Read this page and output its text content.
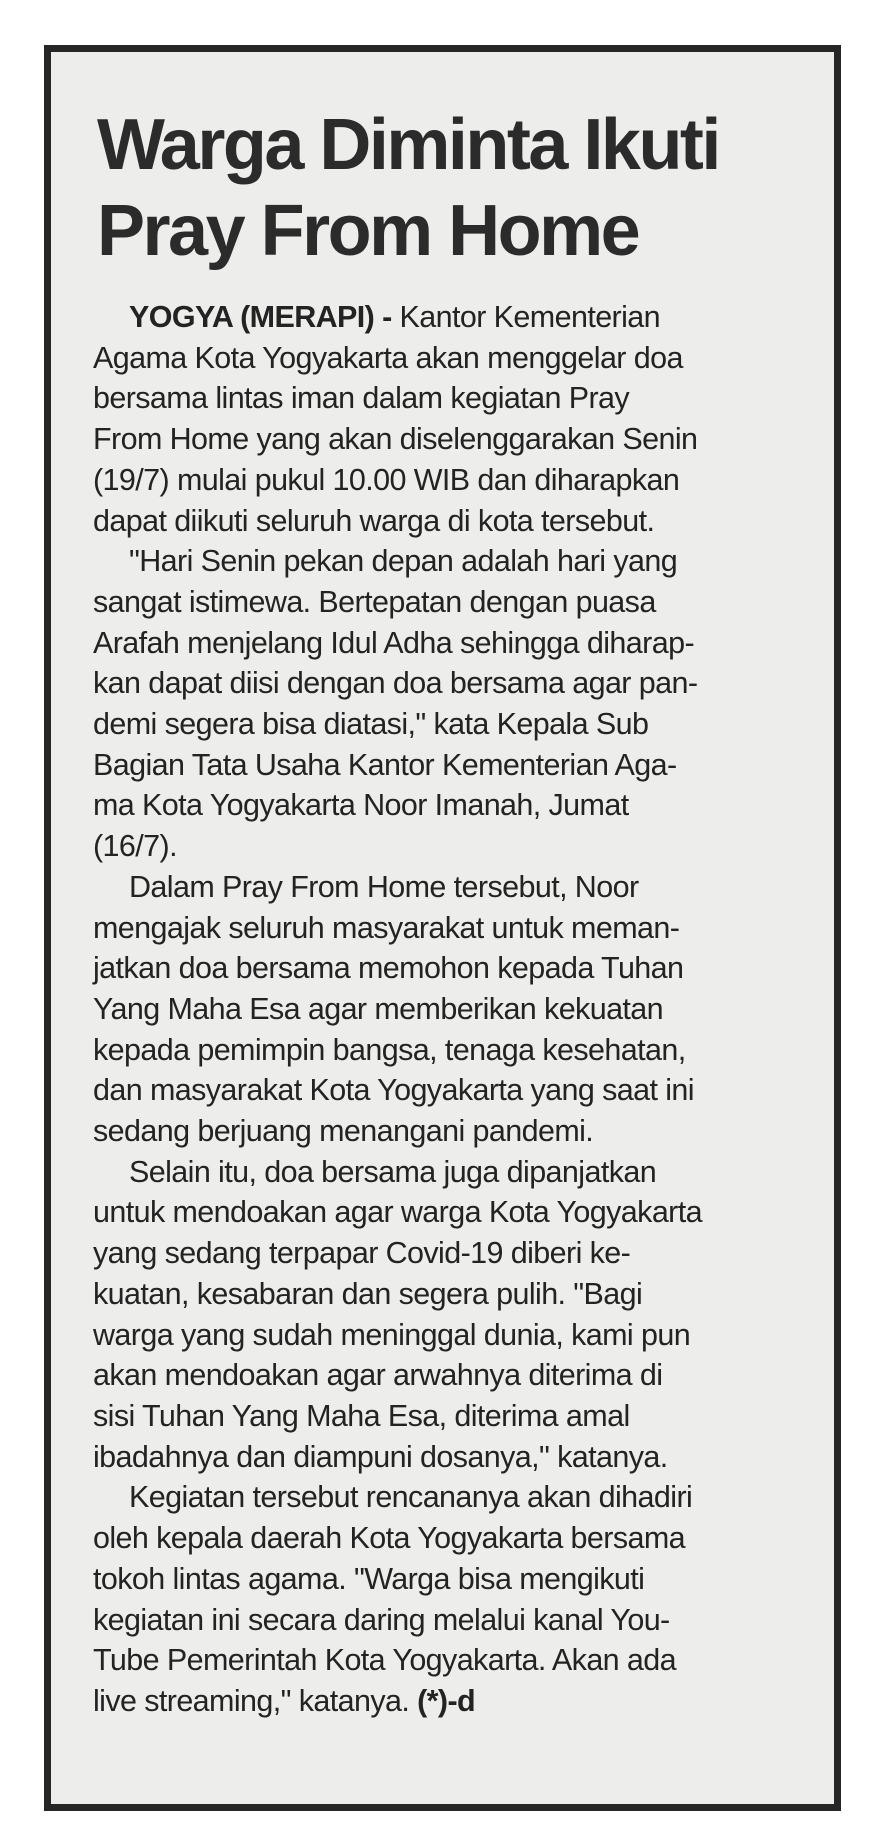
Warga Diminta Ikuti
Pray From Home
YOGYA (MERAPI) - Kantor Kementerian
Agama Kota Yogyakarta akan menggelar doa
bersama lintas iman dalam kegiatan Pray
From Home yang akan diselenggarakan Senin
(19/7) mulai pukul 10.00 WIB dan diharapkan
dapat diikuti seluruh warga di kota tersebut.
"Hari Senin pekan depan adalah hari yang
sangat istimewa. Bertepatan dengan puasa
Arafah menjelang Idul Adha sehingga diharap-
kan dapat diisi dengan doa bersama agar pan-
demi segera bisa diatasi," kata Kepala Sub
Bagian Tata Usaha Kantor Kementerian Aga-
ma Kota Yogyakarta Noor Imanah, Jumat
(16/7).
Dalam Pray From Home tersebut, Noor
mengajak seluruh masyarakat untuk meman-
jatkan doa bersama memohon kepada Tuhan
Yang Maha Esa agar memberikan kekuatan
kepada pemimpin bangsa, tenaga kesehatan,
dan masyarakat Kota Yogyakarta yang saat ini
sedang berjuang menangani pandemi.
Selain itu, doa bersama juga dipanjatkan
untuk mendoakan agar warga Kota Yogyakarta
yang sedang terpapar Covid-19 diberi ke-
kuatan, kesabaran dan segera pulih. "Bagi
warga yang sudah meninggal dunia, kami pun
akan mendoakan agar arwahnya diterima di
sisi Tuhan Yang Maha Esa, diterima amal
ibadahnya dan diampuni dosanya," katanya.
Kegiatan tersebut rencananya akan dihadiri
oleh kepala daerah Kota Yogyakarta bersama
tokoh lintas agama. "Warga bisa mengikuti
kegiatan ini secara daring melalui kanal You-
Tube Pemerintah Kota Yogyakarta. Akan ada
live streaming," katanya. (*)-d
